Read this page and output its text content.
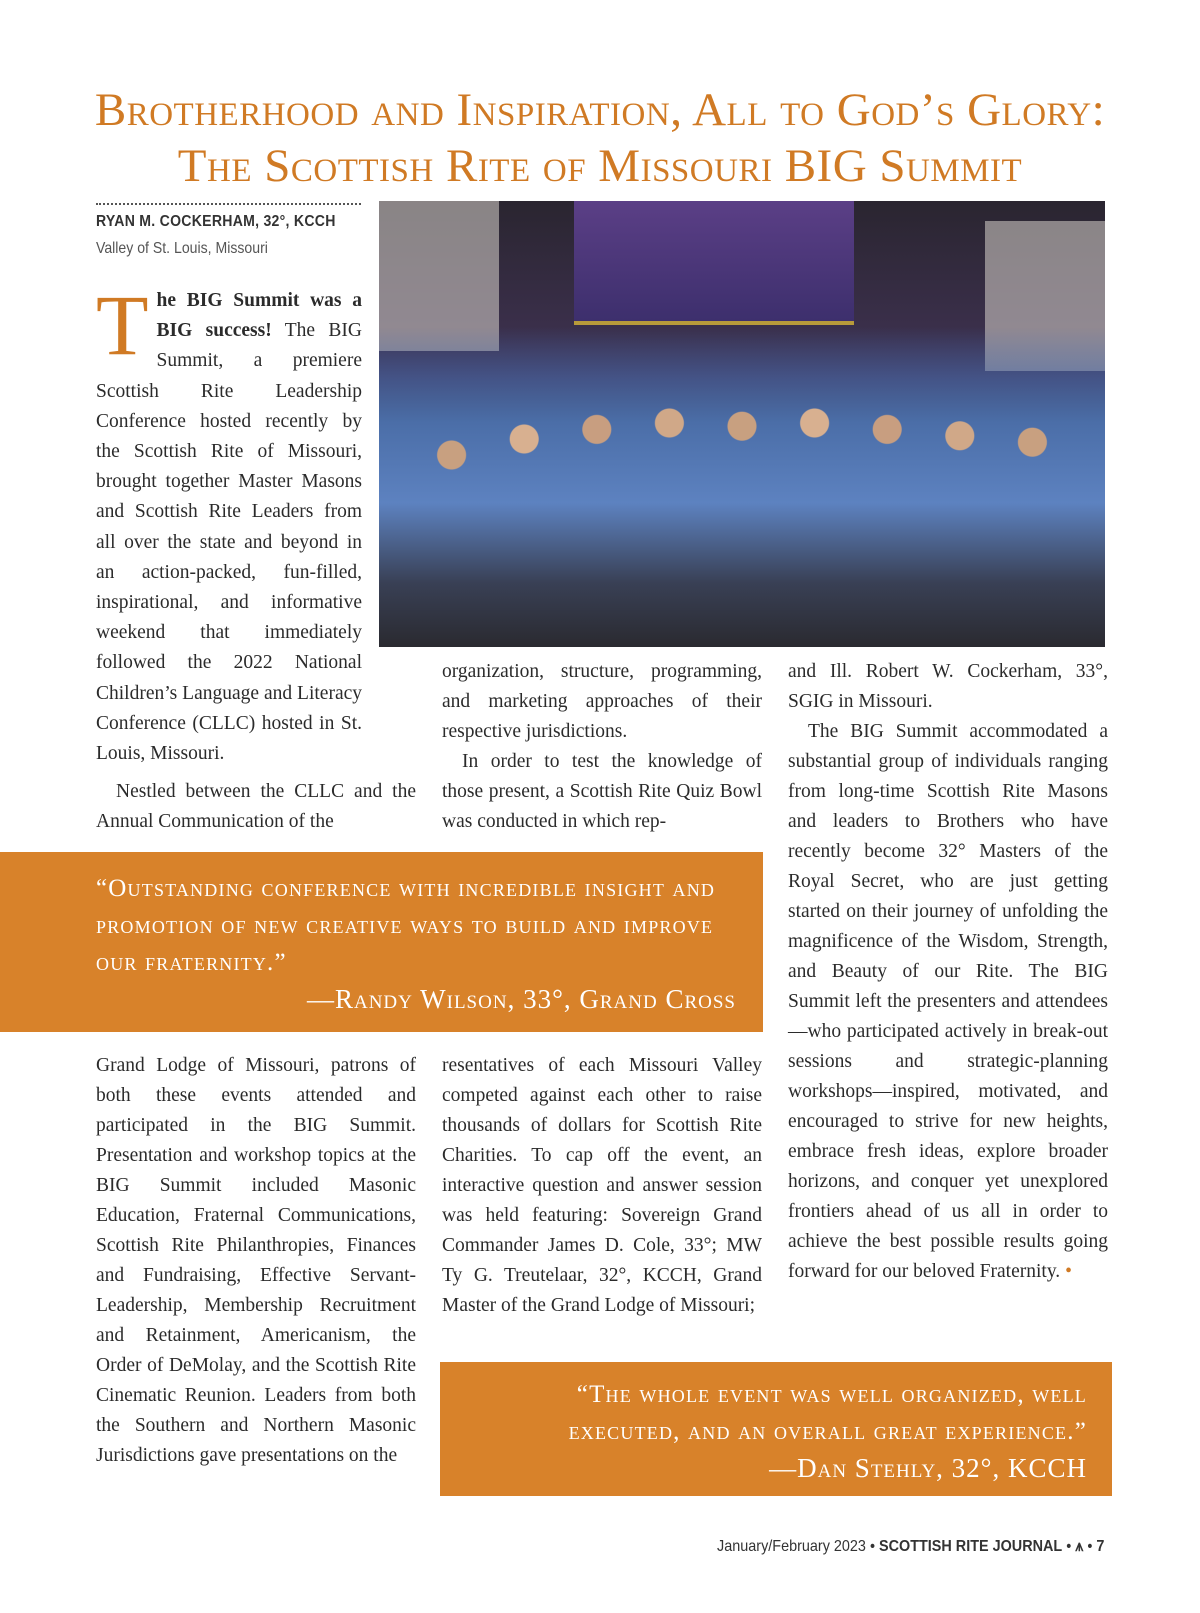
Brotherhood and Inspiration, All to God’s Glory:
The Scottish Rite of Missouri BIG Summit
RYAN M. COCKERHAM, 32°, KCCH
Valley of St. Louis, Missouri

The BIG Summit was a BIG success! The BIG Summit, a premiere Scottish Rite Leadership Conference hosted recently by the Scottish Rite of Missouri, brought together Master Masons and Scottish Rite Leaders from all over the state and beyond in an action-packed, fun-filled, inspirational, and informative weekend that immediately followed the 2022 National Children’s Language and Literacy Conference (CLLC) hosted in St. Louis, Missouri.

Nestled between the CLLC and the Annual Communication of the

organization, structure, programming, and marketing approaches of their respective jurisdictions.

In order to test the knowledge of those present, a Scottish Rite Quiz Bowl was conducted in which rep-

and Ill. Robert W. Cockerham, 33°, SGIG in Missouri.

The BIG Summit accommodated a substantial group of individuals ranging from long-time Scottish Rite Masons and leaders to Brothers who have recently become 32° Masters of the Royal Secret, who are just getting started on their journey of unfolding the magnificence of the Wisdom, Strength, and Beauty of our Rite. The BIG Summit left the presenters and attendees—who participated actively in break-out sessions and strategic-planning workshops—inspired, motivated, and encouraged to strive for new heights, embrace fresh ideas, explore broader horizons, and conquer yet unexplored frontiers ahead of us all in order to achieve the best possible results going forward for our beloved Fraternity. •

“Outstanding conference with incredible insight and promotion of new creative ways to build and improve our fraternity.”
—Randy Wilson, 33°, Grand Cross

Grand Lodge of Missouri, patrons of both these events attended and participated in the BIG Summit. Presentation and workshop topics at the BIG Summit included Masonic Education, Fraternal Communications, Scottish Rite Philanthropies, Finances and Fundraising, Effective Servant-Leadership, Membership Recruitment and Retainment, Americanism, the Order of DeMolay, and the Scottish Rite Cinematic Reunion. Leaders from both the Southern and Northern Masonic Jurisdictions gave presentations on the

resentatives of each Missouri Valley competed against each other to raise thousands of dollars for Scottish Rite Charities. To cap off the event, an interactive question and answer session was held featuring: Sovereign Grand Commander James D. Cole, 33°; MW Ty G. Treutelaar, 32°, KCCH, Grand Master of the Grand Lodge of Missouri;

“The whole event was well organized, well executed, and an overall great experience.”
—Dan Stehly, 32°, KCCH
January/February 2023 • SCOTTISH RITE JOURNAL • ⩚ • 7
